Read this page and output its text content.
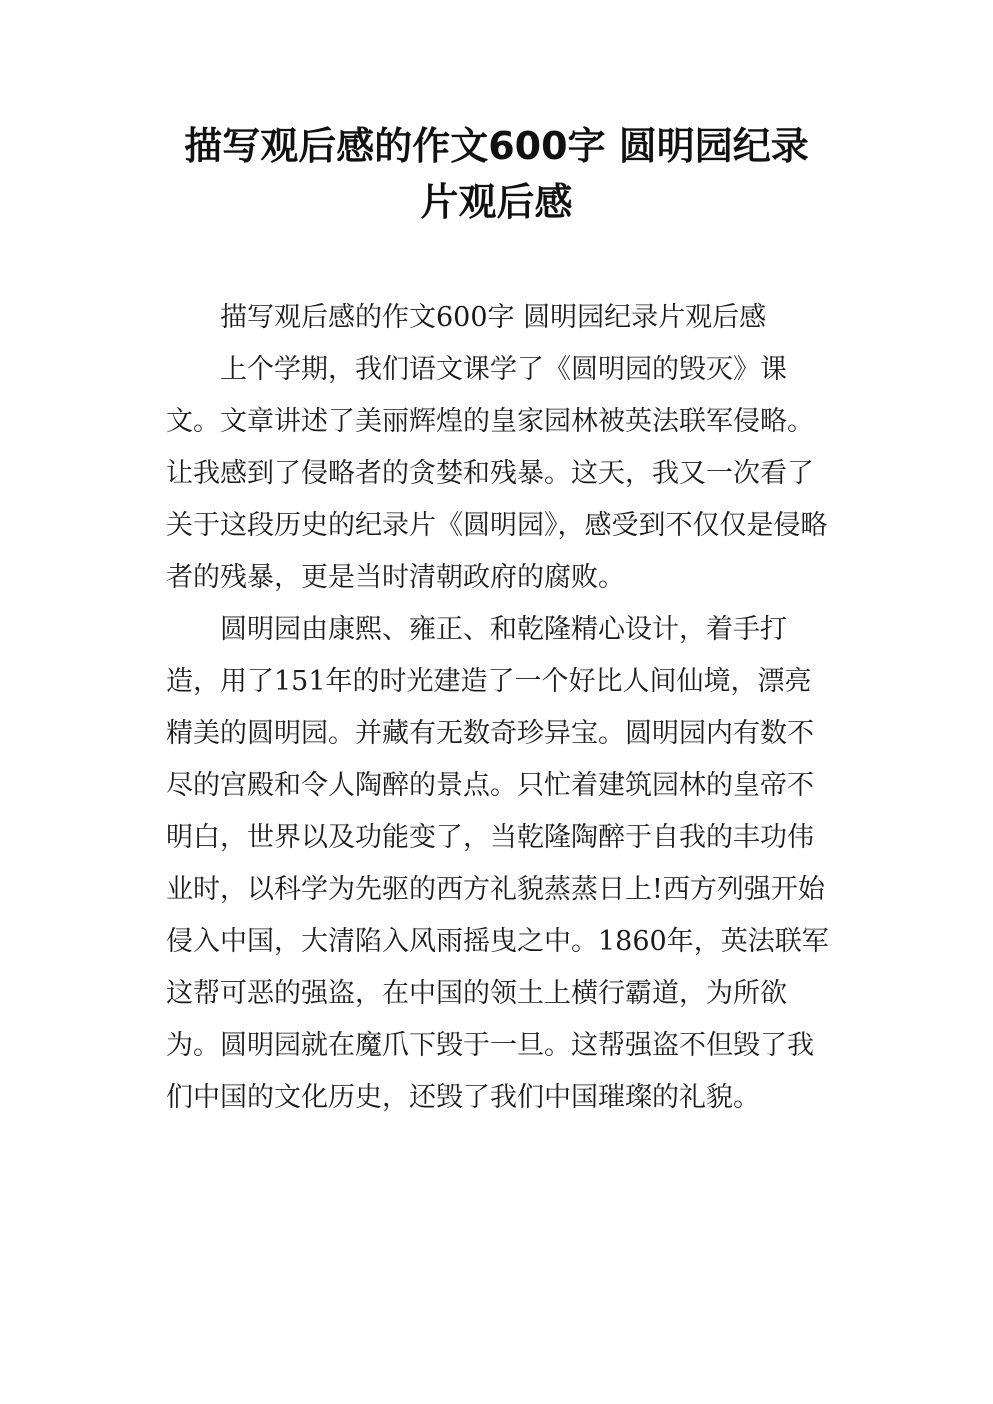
描写观后感的作文600字 圆明园纪录
片观后感

描写观后感的作文600字 圆明园纪录片观后感

上个学期，我们语文课学了《圆明园的毁灭》课文。文章讲述了美丽辉煌的皇家园林被英法联军侵略。让我感到了侵略者的贪婪和残暴。这天，我又一次看了关于这段历史的纪录片《圆明园》，感受到不仅仅是侵略者的残暴，更是当时清朝政府的腐败。

圆明园由康熙、雍正、和乾隆精心设计，着手打造，用了151年的时光建造了一个好比人间仙境，漂亮精美的圆明园。并藏有无数奇珍异宝。圆明园内有数不尽的宫殿和令人陶醉的景点。只忙着建筑园林的皇帝不明白，世界以及功能变了，当乾隆陶醉于自我的丰功伟业时，以科学为先驱的西方礼貌蒸蒸日上!西方列强开始侵入中国，大清陷入风雨摇曳之中。1860年，英法联军这帮可恶的强盗，在中国的领土上横行霸道，为所欲为。圆明园就在魔爪下毁于一旦。这帮强盗不但毁了我们中国的文化历史，还毁了我们中国璀璨的礼貌。
